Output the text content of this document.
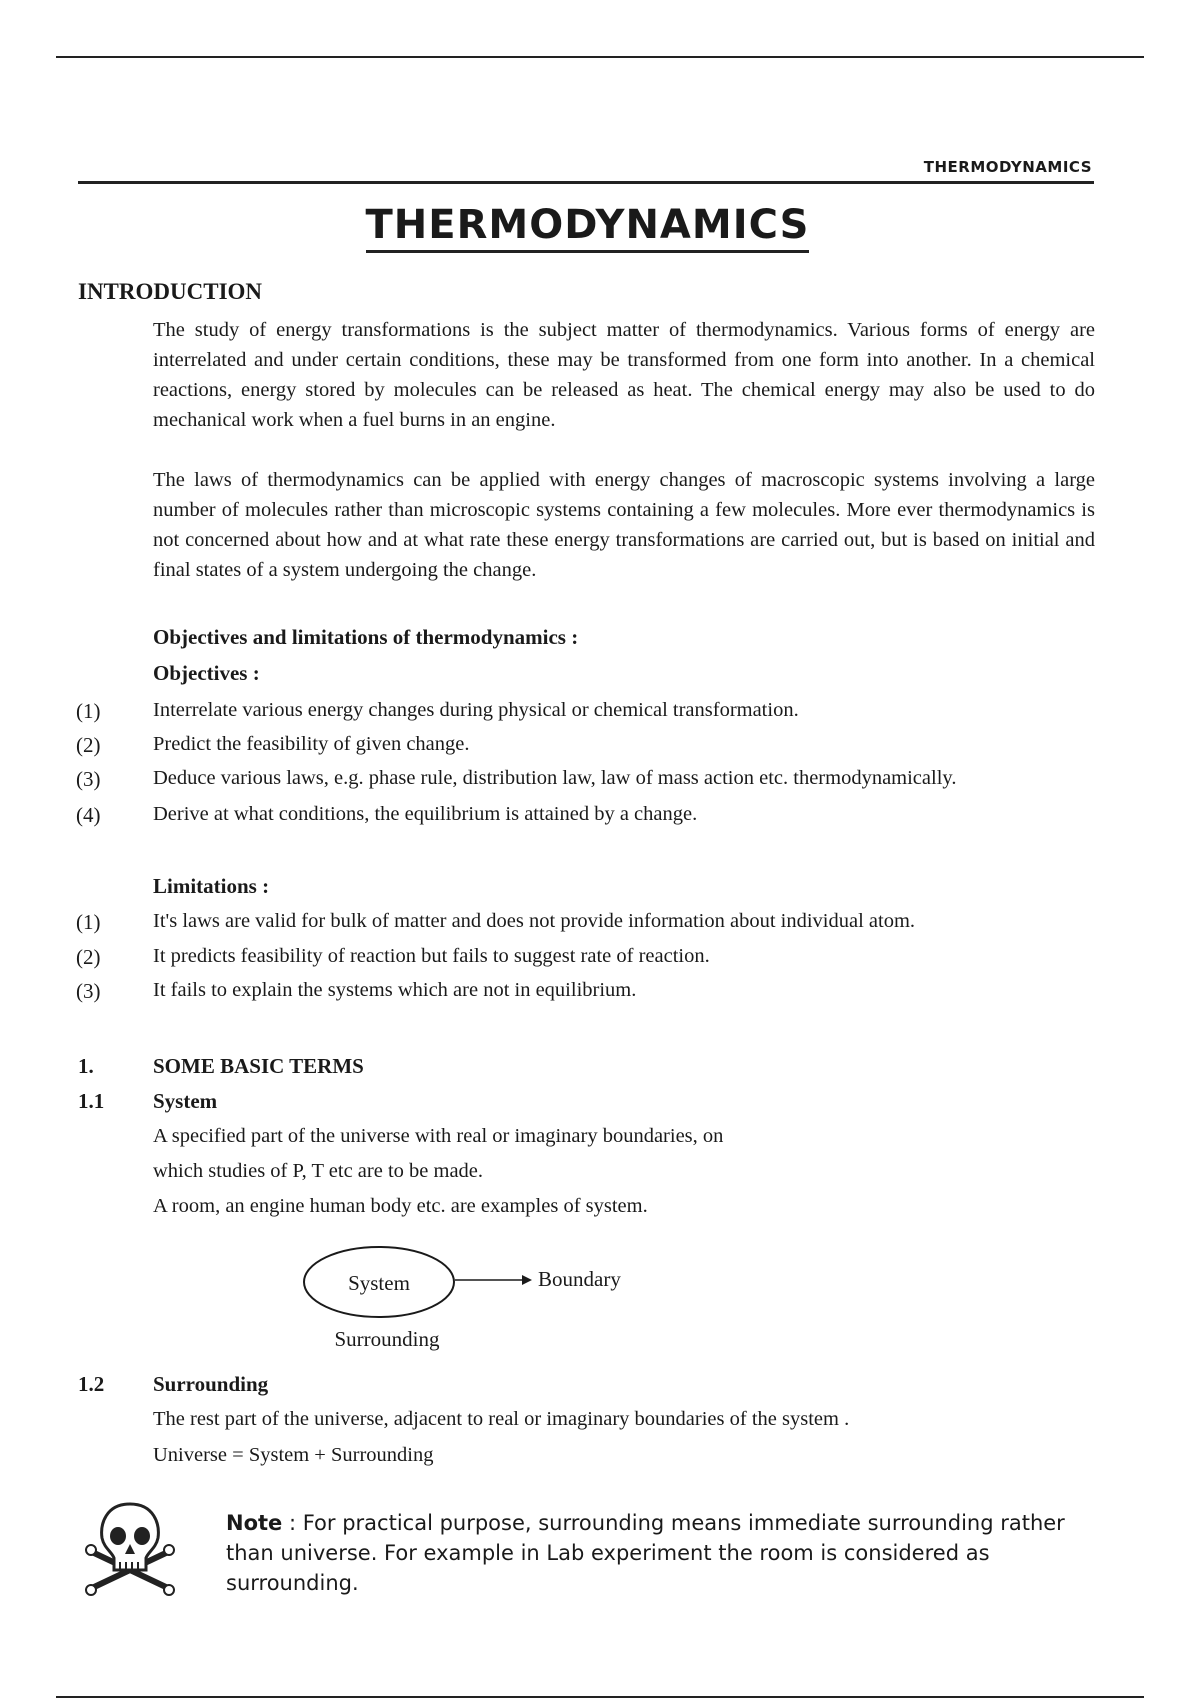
THERMODYNAMICS
THERMODYNAMICS
INTRODUCTION
The study of energy transformations is the subject matter of thermodynamics. Various forms of energy are interrelated and under certain conditions, these may be transformed from one form into another. In a chemical reactions, energy stored by molecules can be released as heat. The chemical energy may also be used to do mechanical work when a fuel burns in an engine.
The laws of thermodynamics can be applied with energy changes of macroscopic systems involving a large number of molecules rather than microscopic systems containing a few molecules. More ever thermodynamics is not concerned about how and at what rate these energy transformations are carried out, but is based on initial and final states of a system undergoing the change.
Objectives and limitations of thermodynamics :
Objectives :
(1)	Interrelate various energy changes during physical or chemical transformation.
(2)	Predict the feasibility of given change.
(3)	Deduce various laws, e.g. phase rule, distribution law, law of mass action etc. thermodynamically.
(4)	Derive at what conditions, the equilibrium is attained by a change.
Limitations :
(1)	It's laws are valid for bulk of matter and does not provide information about individual atom.
(2)	It predicts feasibility of reaction but fails to suggest rate of reaction.
(3)	It fails to explain the systems which are not in equilibrium.
1.	SOME BASIC TERMS
1.1 System
A specified part of the universe with real or imaginary boundaries, on
which studies of P, T etc are to be made.
A room, an engine human body etc. are examples of system.
System	Boundary
Surrounding
1.2 Surrounding
The rest part of the universe, adjacent to real or imaginary boundaries of the system .
Universe = System + Surrounding
Note : For practical purpose, surrounding means immediate surrounding rather than universe. For example in Lab experiment the room is considered as surrounding.
